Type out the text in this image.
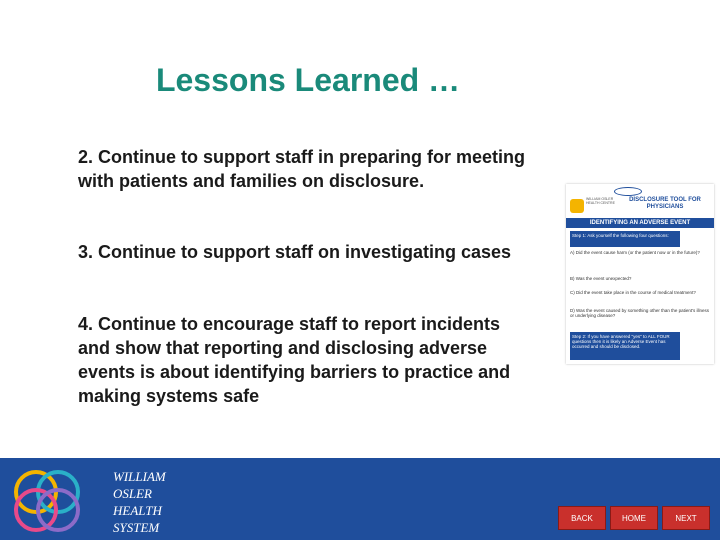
Lessons Learned …
2. Continue to support staff in preparing for meeting with patients and families on disclosure.
3. Continue to support staff on investigating cases
4. Continue to encourage staff to report incidents and show that reporting and disclosing adverse events is about identifying barriers to practice and making systems safe
WILLIAM OSLER HEALTH CENTRE	DISCLOSURE TOOL FOR PHYSICIANS
IDENTIFYING AN ADVERSE EVENT
Step 1: Ask yourself the following four questions:
A) Did the event cause harm (or the patient now or in the future)?
B) Was the event unexpected?
C) Did the event take place in the course of medical treatment?
D) Was the event caused by something other than the patient's illness or underlying disease?
Step 2: If you have answered "yes" to ALL FOUR questions then it is likely an Adverse Event has occurred and should be disclosed.
WILLIAM
OSLER
HEALTH
SYSTEM
BACK	HOME	NEXT
